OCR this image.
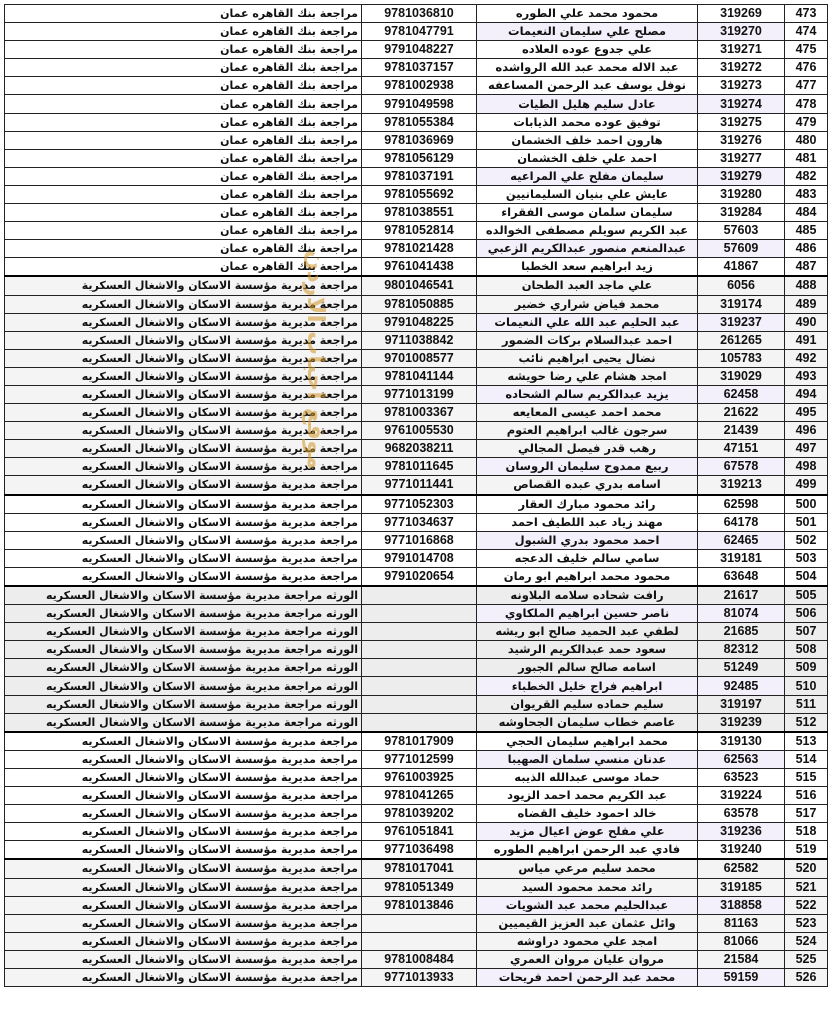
473	319269	محمود محمد علي الطوره	9781036810	مراجعة بنك القاهره عمان
474	319270	مصلح علي سليمان النعيمات	9781047791	مراجعة بنك القاهره عمان
475	319271	علي جدوع عوده العلاده	9791048227	مراجعة بنك القاهره عمان
476	319272	عبد الاله محمد عبد الله الرواشده	9781037157	مراجعة بنك القاهره عمان
477	319273	نوفل يوسف عبد الرحمن المساعفه	9781002938	مراجعة بنك القاهره عمان
478	319274	عادل سليم هليل الطيات	9791049598	مراجعة بنك القاهره عمان
479	319275	توفيق عوده محمد الذيابات	9781055384	مراجعة بنك القاهره عمان
480	319276	هارون احمد خلف الخشمان	9781036969	مراجعة بنك القاهره عمان
481	319277	احمد علي خلف الخشمان	9781056129	مراجعة بنك القاهره عمان
482	319279	سليمان مفلح علي المراعيه	9781037191	مراجعة بنك القاهره عمان
483	319280	عايش علي بنيان السليمانيين	9781055692	مراجعة بنك القاهره عمان
484	319284	سليمان سلمان موسى الفقراء	9781038551	مراجعة بنك القاهره عمان
485	57603	عبد الكريم سويلم مصطفى الخوالده	9781052814	مراجعة بنك القاهره عمان
486	57609	عبدالمنعم منصور عبدالكريم الزعبي	9781021428	مراجعة بنك القاهره عمان
487	41867	زيد ابراهيم سعد الخطبا	9761041438	مراجعة بنك القاهره عمان
488	6056	علي ماجد العبد الطحان	9801046541	مراجعة مديرية مؤسسة الاسكان والاشغال العسكرية
489	319174	محمد فياض شراري خضير	9781050885	مراجعة مديرية مؤسسة الاسكان والاشغال العسكريه
490	319237	عبد الحليم عبد الله علي النعيمات	9791048225	مراجعة مديرية مؤسسة الاسكان والاشغال العسكريه
491	261265	احمد عبدالسلام بركات الضمور	9711038842	مراجعة مديرية مؤسسة الاسكان والاشغال العسكريه
492	105783	نضال يحيى ابراهيم نائب	9701008577	مراجعة مديرية مؤسسة الاسكان والاشغال العسكريه
493	319029	امجد هشام علي رضا حويشه	9781041144	مراجعة مديرية مؤسسة الاسكان والاشغال العسكريه
494	62458	يزيد عبدالكريم سالم الشحاده	9771013199	مراجعة مديرية مؤسسة الاسكان والاشغال العسكريه
495	21622	محمد احمد عيسى المعايعه	9781003367	مراجعة مديرية مؤسسة الاسكان والاشغال العسكريه
496	21439	سرجون غالب ابراهيم العتوم	9761005530	مراجعة مديرية مؤسسة الاسكان والاشغال العسكريه
497	47151	رهب قدر فيصل المجالي	9682038211	مراجعة مديرية مؤسسة الاسكان والاشغال العسكريه
498	67578	ربيع ممدوح سليمان الروسان	9781011645	مراجعة مديرية مؤسسة الاسكان والاشغال العسكريه
499	319213	اسامه بدري عبده القصاص	9771011441	مراجعة مديرية مؤسسة الاسكان والاشغال العسكريه
500	62598	رائد محمود مبارك العقار	9771052303	مراجعة مديرية مؤسسة الاسكان والاشغال العسكريه
501	64178	مهند زياد عبد اللطيف احمد	9771034637	مراجعة مديرية مؤسسة الاسكان والاشغال العسكريه
502	62465	احمد محمود بدري الشبول	9771016868	مراجعة مديرية مؤسسة الاسكان والاشغال العسكريه
503	319181	سامي سالم خليف الدعجه	9791014708	مراجعة مديرية مؤسسة الاسكان والاشغال العسكريه
504	63648	محمود محمد ابراهيم ابو رمان	9791020654	مراجعة مديرية مؤسسة الاسكان والاشغال العسكريه
505	21617	رافت شحاده سلامه البلاونه		الورثه مراجعة مديرية مؤسسة الاسكان والاشغال العسكريه
506	81074	ناصر حسين ابراهيم الملكاوي		الورثه مراجعة مديرية مؤسسة الاسكان والاشغال العسكريه
507	21685	لطفي عبد الحميد صالح ابو ريشه		الورثه مراجعة مديرية مؤسسة الاسكان والاشغال العسكريه
508	82312	سعود حمد عبدالكريم الرشيد		الورثه مراجعة مديرية مؤسسة الاسكان والاشغال العسكريه
509	51249	اسامه صالح سالم الجبور		الورثه مراجعة مديرية مؤسسة الاسكان والاشغال العسكريه
510	92485	ابراهيم فراج خليل الخطباء		الورثه مراجعة مديرية مؤسسة الاسكان والاشغال العسكريه
511	319197	سليم حماده سليم القريوان		الورثه مراجعة مديرية مؤسسة الاسكان والاشغال العسكريه
512	319239	عاصم خطاب سليمان الجحاوشه		الورثه مراجعة مديرية مؤسسة الاسكان والاشغال العسكريه
513	319130	محمد ابراهيم سليمان الحجي	9781017909	مراجعة مديرية مؤسسة الاسكان والاشغال العسكريه
514	62563	عدنان منسي سلمان الصهيبا	9771012599	مراجعة مديرية مؤسسة الاسكان والاشغال العسكريه
515	63523	حماد موسى عبدالله الذيبه	9761003925	مراجعة مديرية مؤسسة الاسكان والاشغال العسكريه
516	319224	عبد الكريم محمد احمد الزيود	9781041265	مراجعة مديرية مؤسسة الاسكان والاشغال العسكريه
517	63578	خالد احمود خليف القضاه	9781039202	مراجعة مديرية مؤسسة الاسكان والاشغال العسكريه
518	319236	علي مفلح عوض اعيال مزيد	9761051841	مراجعة مديرية مؤسسة الاسكان والاشغال العسكريه
519	319240	فادي عبد الرحمن ابراهيم الطوره	9771036498	مراجعة مديرية مؤسسة الاسكان والاشغال العسكريه
520	62582	محمد سليم مرعي مياس	9781017041	مراجعة مديرية مؤسسة الاسكان والاشغال العسكريه
521	319185	رائد محمد محمود السيد	9781051349	مراجعة مديرية مؤسسة الاسكان والاشغال العسكريه
522	318858	عبدالحليم محمد عبد الشويات	9781013846	مراجعة مديرية مؤسسة الاسكان والاشغال العسكريه
523	81163	وائل عثمان عبد العزيز القيميين		مراجعة مديرية مؤسسة الاسكان والاشغال العسكريه
524	81066	امجد علي محمود دراوشه		مراجعة مديرية مؤسسة الاسكان والاشغال العسكريه
525	21584	مروان عليان مروان العمري	9781008484	مراجعة مديرية مؤسسة الاسكان والاشغال العسكريه
526	59159	محمد عبد الرحمن احمد فريحات	9771013933	مراجعة مديرية مؤسسة الاسكان والاشغال العسكريه
موقع احباب الاردن
